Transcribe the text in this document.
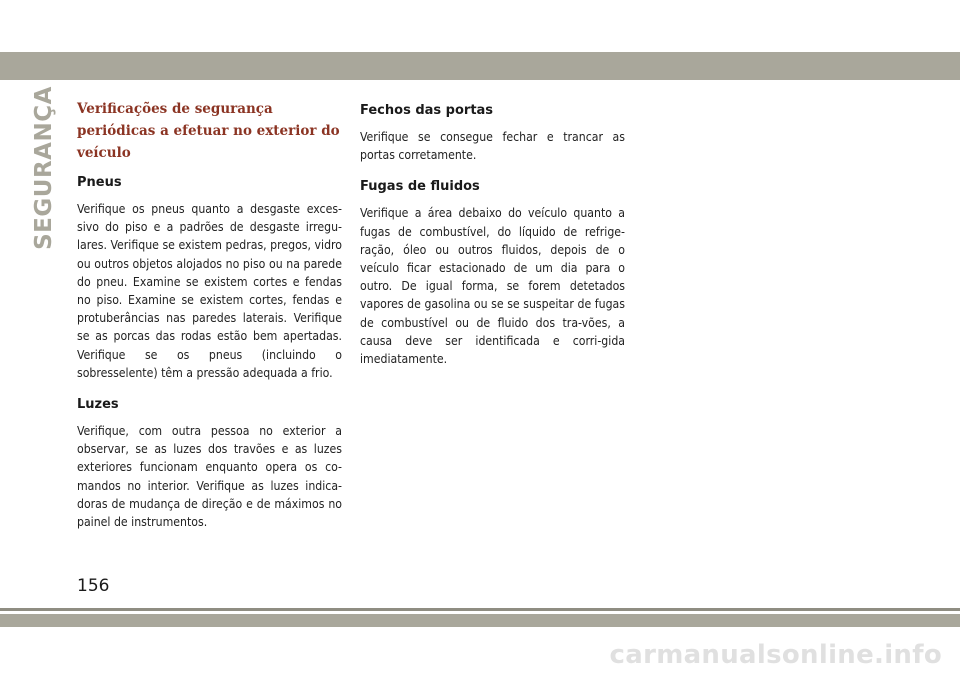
SEGURANÇA Verificações de segurança periódicas a efetuar no exterior do veículo
Pneus

Verifique os pneus quanto a desgaste exces-sivo do piso e a padrões de desgaste irregu-lares. Verifique se existem pedras, pregos, vidro ou outros objetos alojados no piso ou na parede do pneu. Examine se existem cortes e fendas no piso. Examine se existem cortes, fendas e protuberâncias nas paredes laterais. Verifique se as porcas das rodas estão bem apertadas. Verifique se os pneus (incluindo o sobresselente) têm a pressão adequada a frio.

Luzes

Verifique, com outra pessoa no exterior a observar, se as luzes dos travões e as luzes exteriores funcionam enquanto opera os co-mandos no interior. Verifique as luzes indica-doras de mudança de direção e de máximos no painel de instrumentos.

Fechos das portas

Verifique se consegue fechar e trancar as portas corretamente.

Fugas de fluidos

Verifique a área debaixo do veículo quanto a fugas de combustível, do líquido de refrige-ração, óleo ou outros fluidos, depois de o veículo ficar estacionado de um dia para o outro. De igual forma, se forem detetados vapores de gasolina ou se se suspeitar de fugas de combustível ou de fluido dos tra-vões, a causa deve ser identificada e corri-gida imediatamente.

156
carmanualsonline.info
